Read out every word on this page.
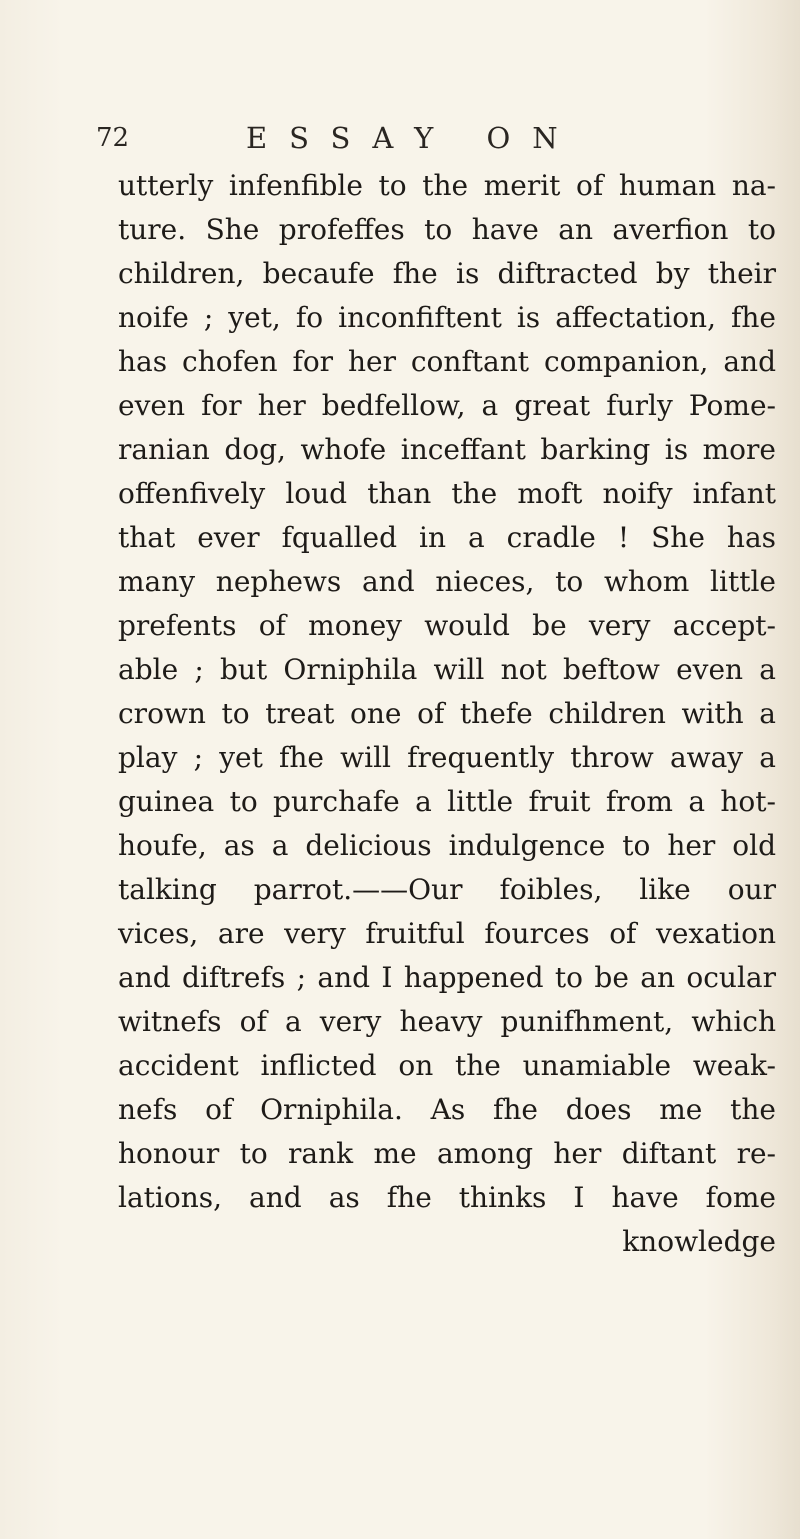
72	ESSAY ON
utterly infenfible to the merit of human na-
ture. She profeffes to have an averfion to
children, becaufe fhe is diftracted by their
noife ; yet, fo inconfiftent is affectation, fhe
has chofen for her conftant companion, and
even for her bedfellow, a great furly Pome-
ranian dog, whofe inceffant barking is more
offenfively loud than the moft noify infant
that ever fqualled in a cradle ! She has
many nephews and nieces, to whom little
prefents of money would be very accept-
able ; but Orniphila will not beftow even a
crown to treat one of thefe children with a
play ; yet fhe will frequently throw away a
guinea to purchafe a little fruit from a hot-
houfe, as a delicious indulgence to her old
talking parrot.——Our foibles, like our
vices, are very fruitful fources of vexation
and diftrefs ; and I happened to be an ocular
witnefs of a very heavy punifhment, which
accident inflicted on the unamiable weak-
nefs of Orniphila. As fhe does me the
honour to rank me among her diftant re-
lations, and as fhe thinks I have fome
knowledge
